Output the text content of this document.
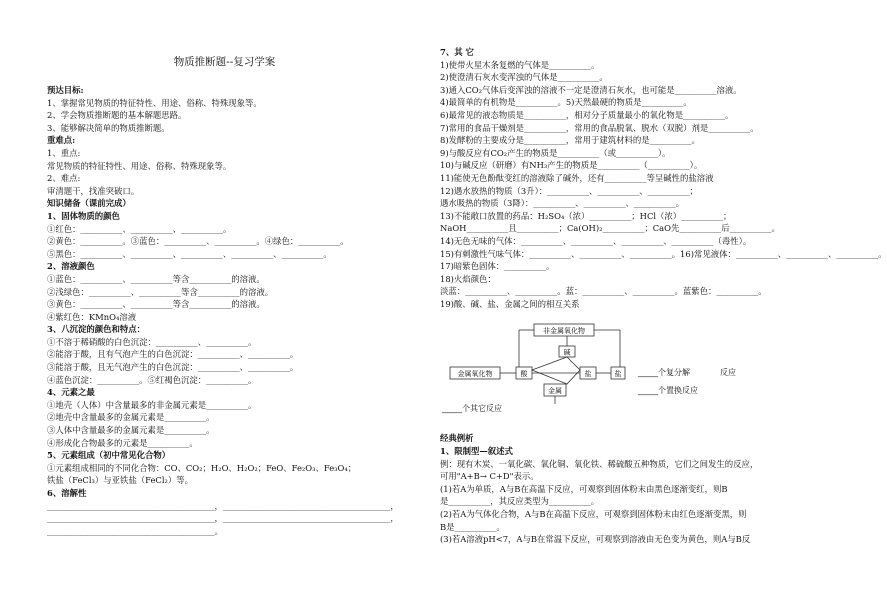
物质推断题--复习学案
预达目标:
1、掌握常见物质的特征特性、用途、俗称、特殊现象等。
2、学会物质推断题的基本解题思路。
3、能够解决简单的物质推断题。
重难点:
1、重点:
常见物质的特征特性、用途、俗称、特殊现象等。
2、难点:
审清题干，找准突破口。
知识储备（课前完成）
1、固体物质的颜色
①红色：__________、__________、__________。
②黄色：__________。③蓝色：__________、__________。④绿色：__________。
⑤黑色：__________、__________、__________、__________、__________。
2、溶液颜色
①蓝色：__________、__________等含__________的溶液。
②浅绿色：__________、__________等含__________的溶液。
③黄色：__________、__________等含__________的溶液。
④紫红色：KMnO₄溶液
3、八沉淀的颜色和特点：
①不溶于稀硝酸的白色沉淀：__________、__________。
②能溶于酸，且有气泡产生的白色沉淀：__________、__________。
③能溶于酸，且无气泡产生的白色沉淀：__________、__________。
④蓝色沉淀：__________。⑤红褐色沉淀：__________。
4、元素之最
①地壳（人体）中含量最多的非金属元素是__________。
②地壳中含量最多的金属元素是__________。
③人体中含量最多的金属元素是__________。
④形成化合物最多的元素是__________。
5、元素组成（初中常见化合物）
①元素组成相同的不同化合物：CO、CO₂；H₂O、H₂O₂；FeO、Fe₂O₃、Fe₃O₄；
铁盐（FeCl₃）与亚铁盐（FeCl₂）等。
6、溶解性
________________________________________，________________________________________，
________________________________________，________________________________________，
________________________________________。
7、其 它
1)使带火星木条复燃的气体是__________。
2)使澄清石灰水变浑浊的气体是__________。
3)通入CO₂气体后变浑浊的溶液不一定是澄清石灰水，也可能是__________溶液。
4)最简单的有机物是__________。5)天然最硬的物质是__________。
6)最常见的液态物质是__________，相对分子质量最小的氧化物是__________。
7)常用的食品干燥剂是__________，常用的食品脱氧、脱水（双脱）剂是__________。
8)发酵粉的主要成分是__________，常用于建筑材料的是__________。
9)与酸反应有CO₂产生的物质是__________（或__________）。
10)与碱反应（研磨）有NH₃产生的物质是__________（__________）。
11)能使无色酚酞变红的溶液除了碱外，还有__________等呈碱性的盐溶液
12)遇水放热的物质（3升）：__________、__________、__________；
遇水吸热的物质（3降）：__________、__________、__________。
13)不能敞口放置的药品：H₂SO₄（浓）__________；HCl（浓）__________；
NaOH__________且__________；Ca(OH)₂__________；CaO先__________后__________。
14)无色无味的气体：__________、__________、__________、__________（毒性）。
15)有刺激性气味气体：__________、__________、__________。16)常见液体：__________、__________、__________。
17)暗紫色固体：__________。
18)火焰颜色：
淡蓝：__________、__________。蓝：__________、__________。蓝紫色：__________。
19)酸、碱、盐、金属之间的相互关系
非金属氧化物
碱
金属氧化物	酸	盐
金属
盐 _____个复分解	反应
_____个置换反应
_____个其它反应
经典例析
1、限制型—叙述式
例：现有木炭、一氧化碳、氧化铜、氧化铁、稀硫酸五种物质，它们之间发生的反应，
可用"A+B→ C+D"表示。
(1)若A为单质，A与B在高温下反应，可观察到固体粉末由黑色逐渐变红，则B
是__________，其反应类型为__________。
(2)若A为气体化合物，A与B在高温下反应，可观察到固体粉末由红色逐渐变黑，则
B是__________。
(3)若A溶液pH<7，A与B在常温下反应，可观察到溶液由无色变为黄色，则A与B反
